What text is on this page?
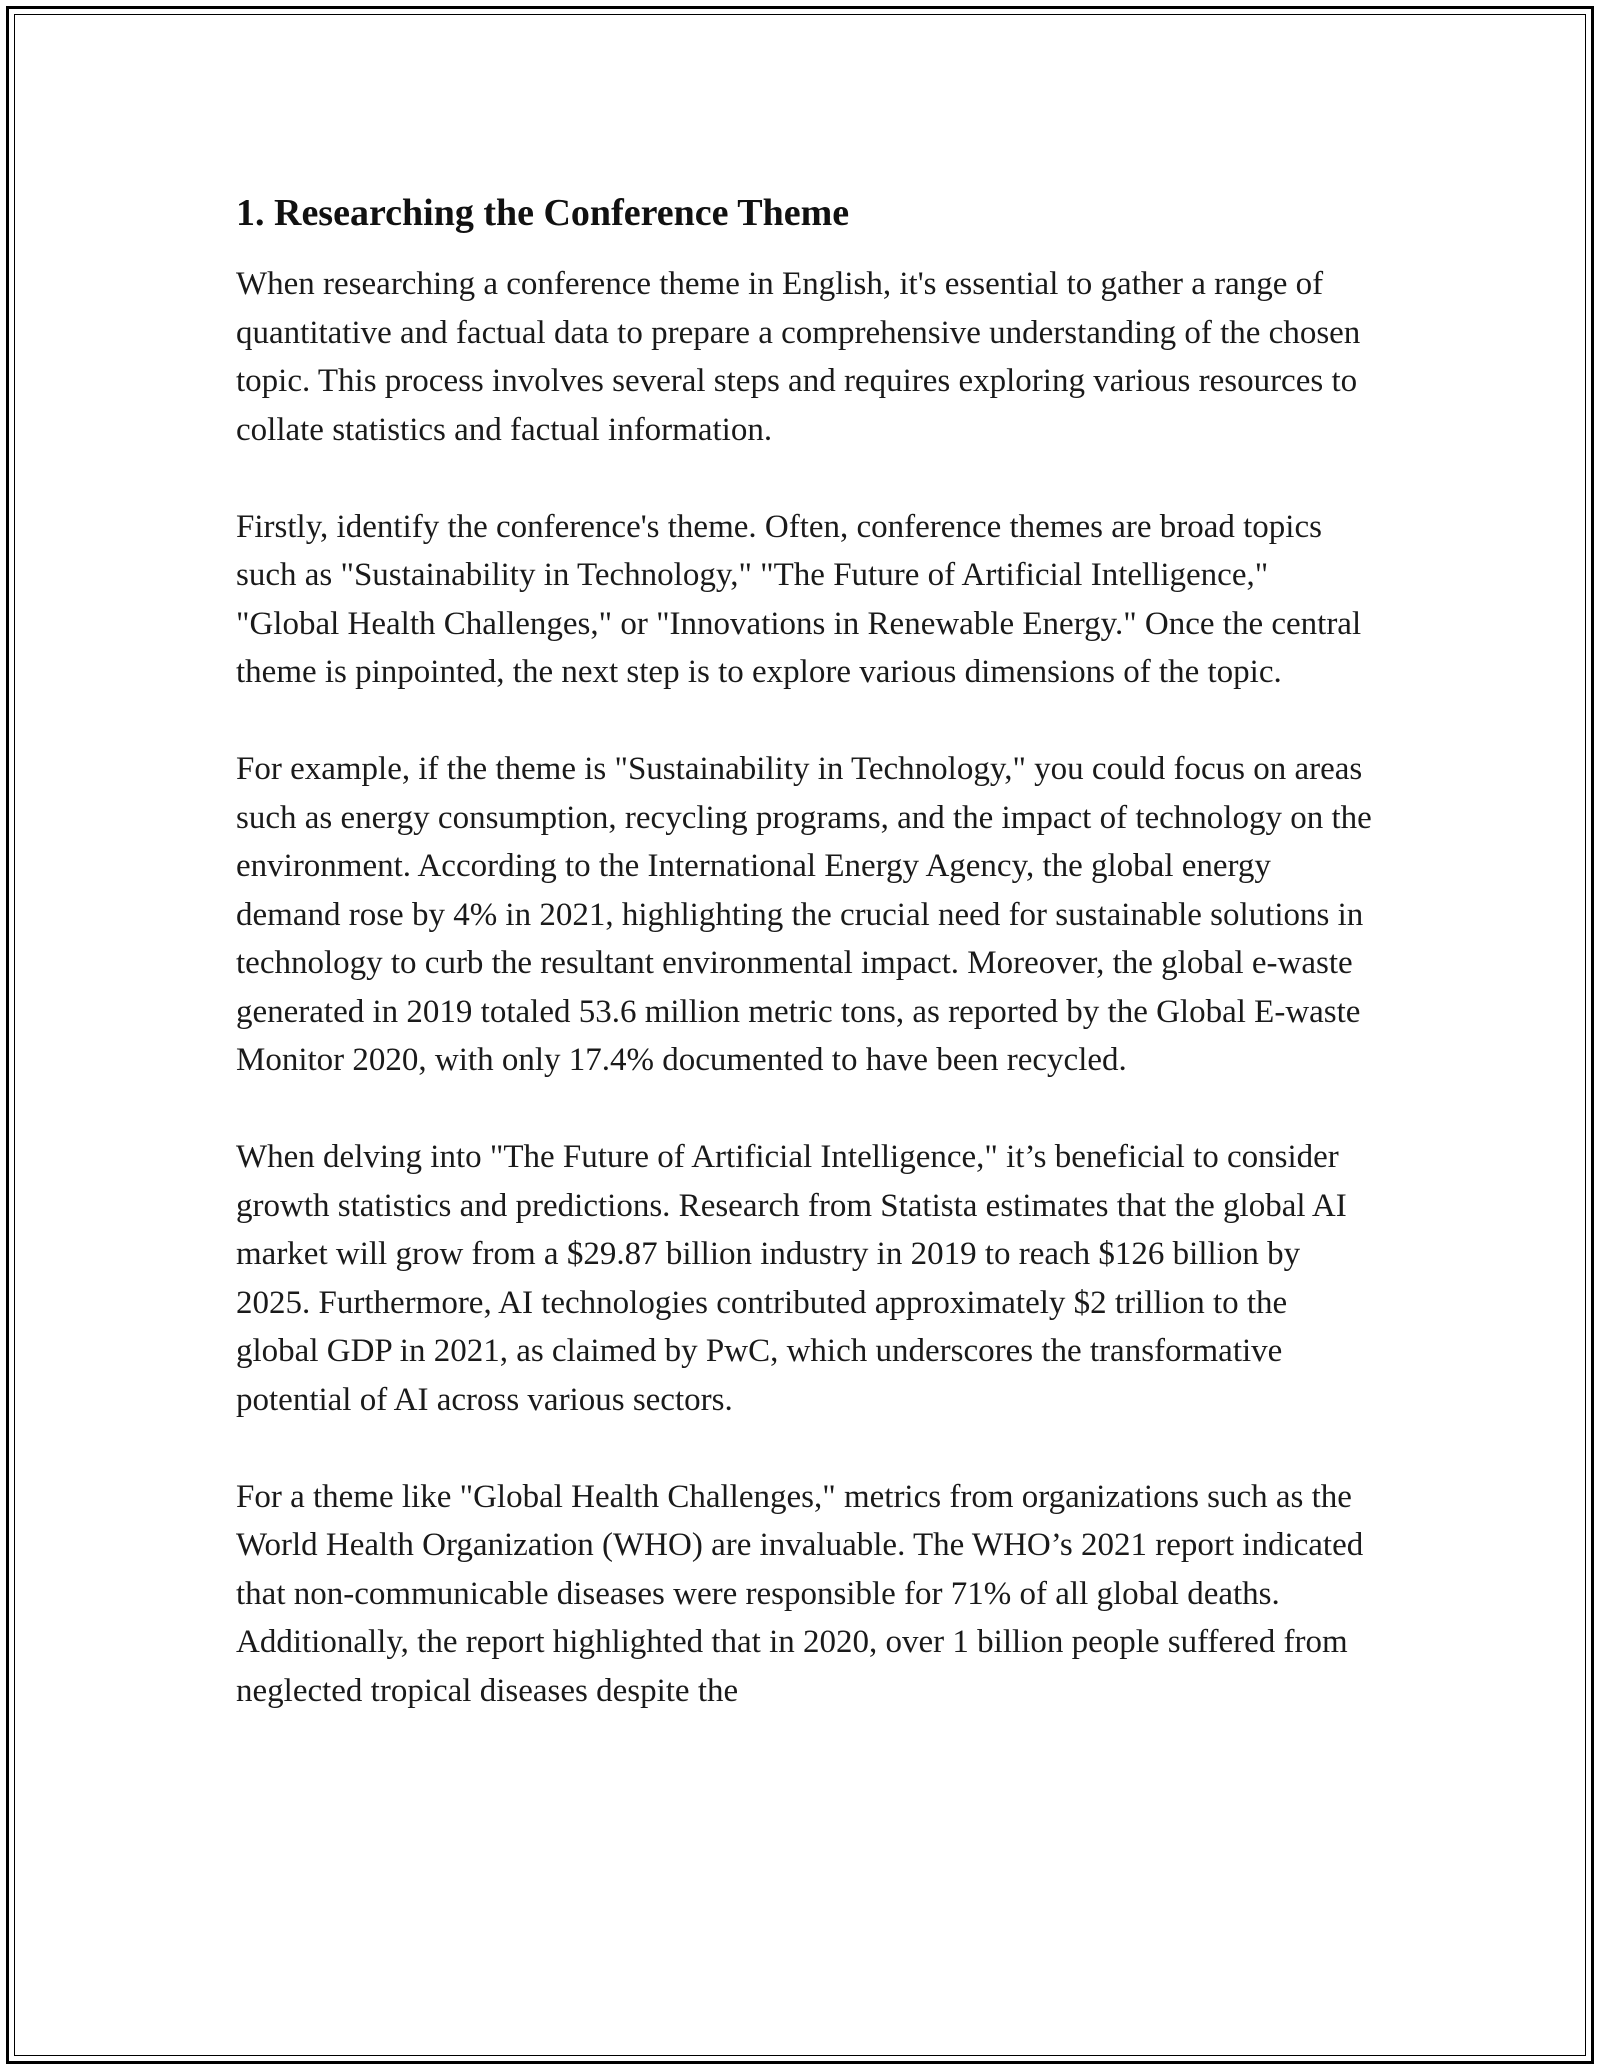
1. Researching the Conference Theme

When researching a conference theme in English, it's essential to gather a range of quantitative and factual data to prepare a comprehensive understanding of the chosen topic. This process involves several steps and requires exploring various resources to collate statistics and factual information.

Firstly, identify the conference's theme. Often, conference themes are broad topics such as "Sustainability in Technology," "The Future of Artificial Intelligence," "Global Health Challenges," or "Innovations in Renewable Energy." Once the central theme is pinpointed, the next step is to explore various dimensions of the topic.

For example, if the theme is "Sustainability in Technology," you could focus on areas such as energy consumption, recycling programs, and the impact of technology on the environment. According to the International Energy Agency, the global energy demand rose by 4% in 2021, highlighting the crucial need for sustainable solutions in technology to curb the resultant environmental impact. Moreover, the global e-waste generated in 2019 totaled 53.6 million metric tons, as reported by the Global E-waste Monitor 2020, with only 17.4% documented to have been recycled.

When delving into "The Future of Artificial Intelligence," it’s beneficial to consider growth statistics and predictions. Research from Statista estimates that the global AI market will grow from a $29.87 billion industry in 2019 to reach $126 billion by 2025. Furthermore, AI technologies contributed approximately $2 trillion to the global GDP in 2021, as claimed by PwC, which underscores the transformative potential of AI across various sectors.

For a theme like "Global Health Challenges," metrics from organizations such as the World Health Organization (WHO) are invaluable. The WHO’s 2021 report indicated that non-communicable diseases were responsible for 71% of all global deaths. Additionally, the report highlighted that in 2020, over 1 billion people suffered from neglected tropical diseases despite the
